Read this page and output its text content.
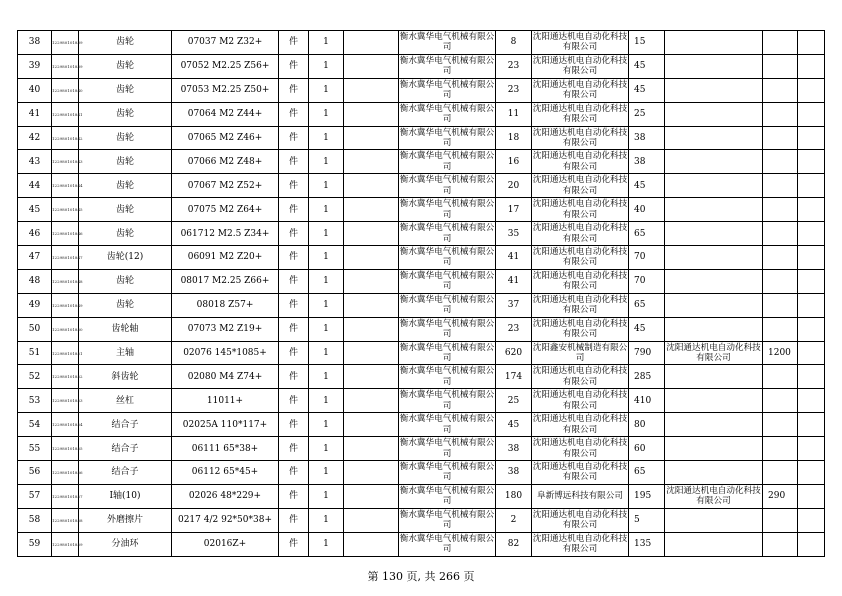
38	122980101839	齿轮	07037 M2 Z32+	件	1		衡水冀华电气机械有限公司	8	沈阳通达机电自动化科技有限公司	15			
39	122980101839	齿轮	07052 M2.25 Z56+	件	1		衡水冀华电气机械有限公司	23	沈阳通达机电自动化科技有限公司	45			
40	122980101840	齿轮	07053 M2.25 Z50+	件	1		衡水冀华电气机械有限公司	23	沈阳通达机电自动化科技有限公司	45			
41	122980101841	齿轮	07064 M2 Z44+	件	1		衡水冀华电气机械有限公司	11	沈阳通达机电自动化科技有限公司	25			
42	122980101842	齿轮	07065 M2 Z46+	件	1		衡水冀华电气机械有限公司	18	沈阳通达机电自动化科技有限公司	38			
43	122980101843	齿轮	07066 M2 Z48+	件	1		衡水冀华电气机械有限公司	16	沈阳通达机电自动化科技有限公司	38			
44	122980101844	齿轮	07067 M2 Z52+	件	1		衡水冀华电气机械有限公司	20	沈阳通达机电自动化科技有限公司	45			
45	122980101845	齿轮	07075 M2 Z64+	件	1		衡水冀华电气机械有限公司	17	沈阳通达机电自动化科技有限公司	40			
46	122980101846	齿轮	061712 M2.5 Z34+	件	1		衡水冀华电气机械有限公司	35	沈阳通达机电自动化科技有限公司	65			
47	122980101847	齿轮(12)	06091 M2 Z20+	件	1		衡水冀华电气机械有限公司	41	沈阳通达机电自动化科技有限公司	70			
48	122980101848	齿轮	08017 M2.25 Z66+	件	1		衡水冀华电气机械有限公司	41	沈阳通达机电自动化科技有限公司	70			
49	122980101849	齿轮	08018 Z57+	件	1		衡水冀华电气机械有限公司	37	沈阳通达机电自动化科技有限公司	65			
50	122980101850	齿轮轴	07073 M2 Z19+	件	1		衡水冀华电气机械有限公司	23	沈阳通达机电自动化科技有限公司	45			
51	122980101851	主轴	02076 145*1085+	件	1		衡水冀华电气机械有限公司	620	沈阳鑫安机械制造有限公司	790	沈阳通达机电自动化科技有限公司	1200	
52	122980101852	斜齿轮	02080 M4 Z74+	件	1		衡水冀华电气机械有限公司	174	沈阳通达机电自动化科技有限公司	285			
53	122980101853	丝杠	11011+	件	1		衡水冀华电气机械有限公司	25	沈阳通达机电自动化科技有限公司	410			
54	122980101854	结合子	02025A 110*117+	件	1		衡水冀华电气机械有限公司	45	沈阳通达机电自动化科技有限公司	80			
55	122980101855	结合子	06111 65*38+	件	1		衡水冀华电气机械有限公司	38	沈阳通达机电自动化科技有限公司	60			
56	122980101856	结合子	06112 65*45+	件	1		衡水冀华电气机械有限公司	38	沈阳通达机电自动化科技有限公司	65			
57	122980101857	I轴(10)	02026 48*229+	件	1		衡水冀华电气机械有限公司	180	阜新博远科技有限公司	195	沈阳通达机电自动化科技有限公司	290	
58	122980101858	外磨擦片	0217 4/2 92*50*38+	件	1		衡水冀华电气机械有限公司	2	沈阳通达机电自动化科技有限公司	5			
59	122980101859	分油环	02016Z+	件	1		衡水冀华电气机械有限公司	82	沈阳通达机电自动化科技有限公司	135			
第 130 页, 共 266 页
